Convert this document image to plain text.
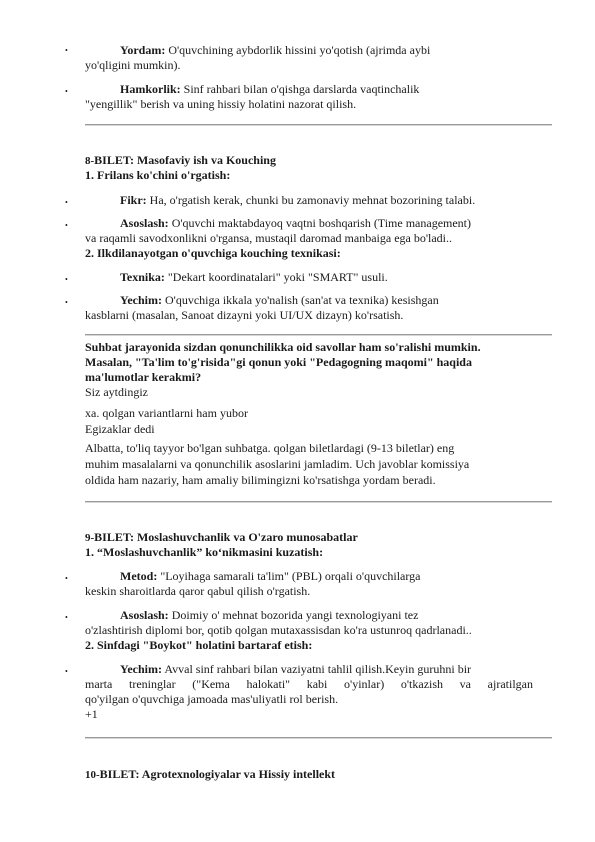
•	Yordam: O'quvchining aybdorlik hissini yo'qotish (ajrimda aybi
yo'qligini mumkin).
•	Hamkorlik: Sinf rahbari bilan o'qishga darslarda vaqtinchalik
"yengillik" berish va uning hissiy holatini nazorat qilish.
8-BILET: Masofaviy ish va Kouching
1. Frilans ko'chini o'rgatish:
•	Fikr: Ha, o'rgatish kerak, chunki bu zamonaviy mehnat bozorining talabi.
•	Asoslash: O'quvchi maktabdayoq vaqtni boshqarish (Time management)
va raqamli savodxonlikni o'rgansa, mustaqil daromad manbaiga ega bo'ladi..
2. Ilkdilanayotgan o'quvchiga kouching texnikasi:
•	Texnika: "Dekart koordinatalari" yoki "SMART" usuli.
•	Yechim: O'quvchiga ikkala yo'nalish (san'at va texnika) kesishgan
kasblarni (masalan, Sanoat dizayni yoki UI/UX dizayn) ko'rsatish.
Suhbat jarayonida sizdan qonunchilikka oid savollar ham so'ralishi mumkin.
Masalan, "Ta'lim to'g'risida"gi qonun yoki "Pedagogning maqomi" haqida
ma'lumotlar kerakmi?
Siz aytdingiz
xa. qolgan variantlarni ham yubor
Egizaklar dedi
Albatta, to'liq tayyor bo'lgan suhbatga. qolgan biletlardagi (9-13 biletlar) eng
muhim masalalarni va qonunchilik asoslarini jamladim. Uch javoblar komissiya
oldida ham nazariy, ham amaliy bilimingizni ko'rsatishga yordam beradi.
9-BILET: Moslashuvchanlik va O'zaro munosabatlar
1. “Moslashuvchanlik” ko‘nikmasini kuzatish:
•	Metod: "Loyihaga samarali ta'lim" (PBL) orqali o'quvchilarga
keskin sharoitlarda qaror qabul qilish o'rgatish.
•	Asoslash: Doimiy o' mehnat bozorida yangi texnologiyani tez
o'zlashtirish diplomi bor, qotib qolgan mutaxassisdan ko'ra ustunroq qadrlanadi..
2. Sinfdagi "Boykot" holatini bartaraf etish:
•	Yechim: Avval sinf rahbari bilan vaziyatni tahlil qilish.Keyin guruhni bir
marta treninglar ("Kema halokati" kabi o'yinlar) o'tkazish va ajratilgan
qo'yilgan o'quvchiga jamoada mas'uliyatli rol berish.
+1
10-BILET: Agrotexnologiyalar va Hissiy intellekt
